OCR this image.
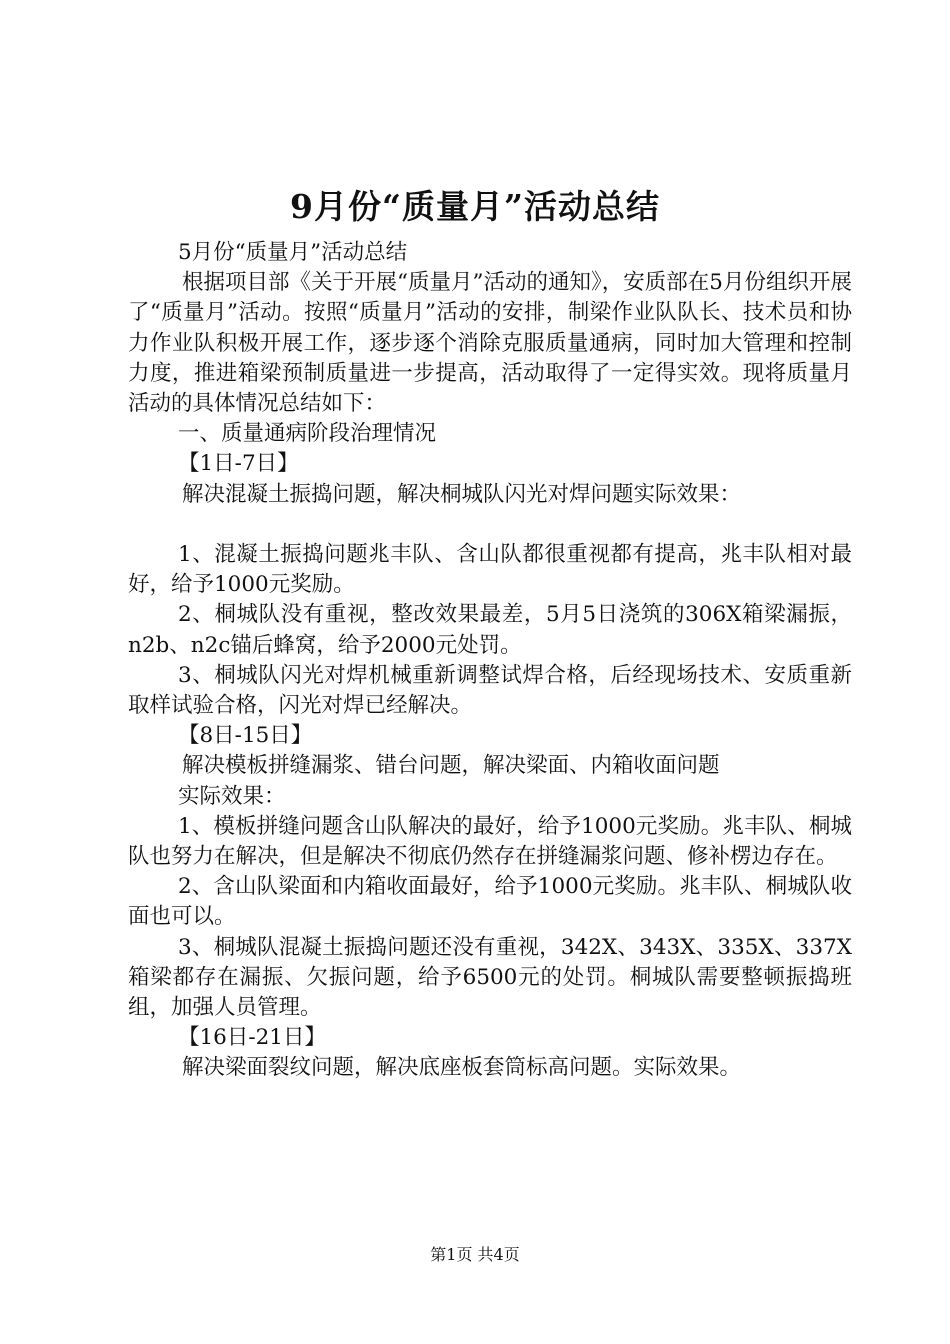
9月份“质量月”活动总结

5月份“质量月”活动总结

根据项目部《关于开展“质量月”活动的通知》，安质部在5月份组织开展了“质量月”活动。按照“质量月”活动的安排，制梁作业队队长、技术员和协力作业队积极开展工作，逐步逐个消除克服质量通病，同时加大管理和控制力度，推进箱梁预制质量进一步提高，活动取得了一定得实效。现将质量月活动的具体情况总结如下：

一、质量通病阶段治理情况

【1日-7日】

解决混凝土振捣问题，解决桐城队闪光对焊问题实际效果：

1、混凝土振捣问题兆丰队、含山队都很重视都有提高，兆丰队相对最好，给予1000元奖励。

2、桐城队没有重视，整改效果最差，5月5日浇筑的306X箱梁漏振，n2b、n2c锚后蜂窝，给予2000元处罚。

3、桐城队闪光对焊机械重新调整试焊合格，后经现场技术、安质重新取样试验合格，闪光对焊已经解决。

【8日-15日】

解决模板拼缝漏浆、错台问题，解决梁面、内箱收面问题

实际效果：

1、模板拼缝问题含山队解决的最好，给予1000元奖励。兆丰队、桐城队也努力在解决，但是解决不彻底仍然存在拼缝漏浆问题、修补楞边存在。

2、含山队梁面和内箱收面最好，给予1000元奖励。兆丰队、桐城队收面也可以。

3、桐城队混凝土振捣问题还没有重视，342X、343X、335X、337X箱梁都存在漏振、欠振问题，给予6500元的处罚。桐城队需要整顿振捣班组，加强人员管理。

【16日-21日】

解决梁面裂纹问题，解决底座板套筒标高问题。实际效果。

第1页 共4页
